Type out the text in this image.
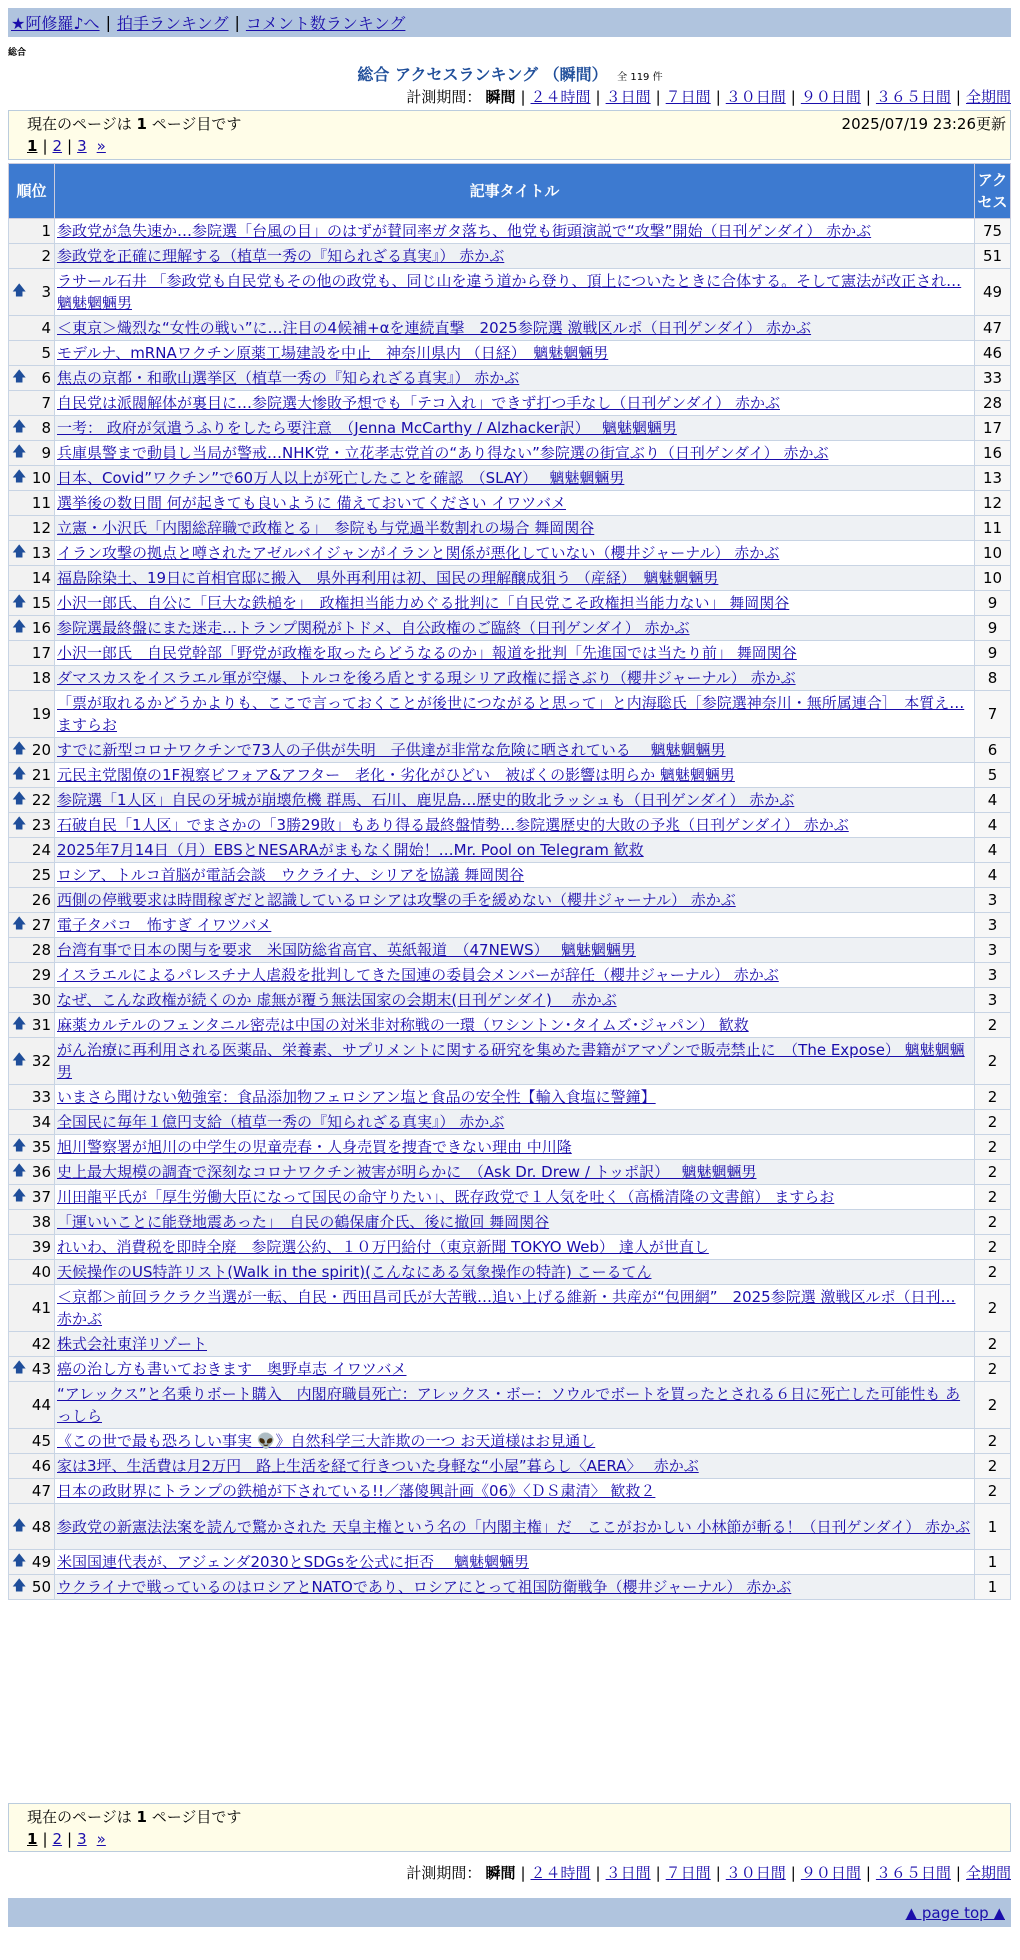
★阿修羅♪へ | 拍手ランキング | コメント数ランキング
総合
総合 アクセスランキング （瞬間） 全 119 件
計測期間： 瞬間 | ２４時間 | ３日間 | ７日間 | ３０日間 | ９０日間 | ３６５日間 | 全期間
現在のページは 1 ページ目です	2025/07/19 23:26更新
1 | 2 | 3 »
順位	記事タイトル	アクセス
1	参政党が急失速か…参院選「台風の目」のはずが賛同率ガタ落ち、他党も街頭演説で“攻撃”開始（日刊ゲンダイ） 赤かぶ	75
2	参政党を正確に理解する（植草一秀の『知られざる真実』） 赤かぶ	51

🡅 3	ラサール石井 「参政党も自民党もその他の政党も、同じ山を違う道から登り、頂上についたときに合体する。そして憲法が改正され… 魑魅魍魎男	49
4	＜東京＞熾烈な“女性の戦い”に…注目の4候補+αを連続直撃　2025参院選 激戦区ルポ（日刊ゲンダイ） 赤かぶ	47
5	モデルナ、mRNAワクチン原薬工場建設を中止　神奈川県内 （日経）　魑魅魍魎男	46

🡅 6	焦点の京都・和歌山選挙区（植草一秀の『知られざる真実』） 赤かぶ	33
7	自民党は派閥解体が裏目に…参院選大惨敗予想でも「テコ入れ」できず打つ手なし（日刊ゲンダイ） 赤かぶ	28

🡅 8	一考： 政府が気遣うふりをしたら要注意　（Jenna McCarthy / Alzhacker訳）　 魑魅魍魎男	17

🡅 9	兵庫県警まで動員し当局が警戒…NHK党・立花孝志党首の“あり得ない”参院選の街宣ぶり（日刊ゲンダイ） 赤かぶ	16

🡅 10	日本、Covid”ワクチン”で60万人以上が死亡したことを確認　（SLAY）　 魑魅魍魎男	13
11	選挙後の数日間 何が起きても良いように 備えておいてください イワツバメ	12
12	立憲・小沢氏「内閣総辞職で政権とる」　参院も与党過半数割れの場合 舞岡関谷	11

🡅 13	イラン攻撃の拠点と噂されたアゼルバイジャンがイランと関係が悪化していない（櫻井ジャーナル） 赤かぶ	10
14	福島除染土、19日に首相官邸に搬入　県外再利用は初、国民の理解醸成狙う （産経）　魑魅魍魎男	10

🡅 15	小沢一郎氏、自公に「巨大な鉄槌を」　政権担当能力めぐる批判に「自民党こそ政権担当能力ない」 舞岡関谷	9

🡅 16	参院選最終盤にまた迷走…トランプ関税がトドメ、自公政権のご臨終（日刊ゲンダイ） 赤かぶ	9
17	小沢一郎氏　自民党幹部「野党が政権を取ったらどうなるのか」報道を批判「先進国では当たり前」 舞岡関谷	9
18	ダマスカスをイスラエル軍が空爆、トルコを後ろ盾とする現シリア政権に揺さぶり（櫻井ジャーナル） 赤かぶ	8
19	「票が取れるかどうかよりも、ここで言っておくことが後世につながると思って」と内海聡氏［参院選神奈川・無所属連合］　本質え… ますらお	7

🡅 20	すでに新型コロナワクチンで73人の子供が失明　子供達が非常な危険に晒されている　 魑魅魍魎男	6

🡅 21	元民主党閣僚の1F視察ビフォア&アフター　老化・劣化がひどい　被ばくの影響は明らか 魑魅魍魎男	5

🡅 22	参院選「1人区」自民の牙城が崩壊危機 群馬、石川、鹿児島…歴史的敗北ラッシュも（日刊ゲンダイ） 赤かぶ	4

🡅 23	石破自民「1人区」でまさかの「3勝29敗」もあり得る最終盤情勢…参院選歴史的大敗の予兆（日刊ゲンダイ） 赤かぶ	4
24	2025年7月14日（月）EBSとNESARAがまもなく開始！…Mr. Pool on Telegram 歓救	4
25	ロシア、トルコ首脳が電話会談　ウクライナ、シリアを協議 舞岡関谷	4
26	西側の停戦要求は時間稼ぎだと認識しているロシアは攻撃の手を緩めない（櫻井ジャーナル） 赤かぶ	3

🡅 27	電子タバコ　怖すぎ イワツバメ	3
28	台湾有事で日本の関与を要求　米国防総省高官、英紙報道　（47NEWS）　 魑魅魍魎男	3
29	イスラエルによるパレスチナ人虐殺を批判してきた国連の委員会メンバーが辞任（櫻井ジャーナル） 赤かぶ	3
30	なぜ、こんな政権が続くのか 虚無が覆う無法国家の会期末(日刊ゲンダイ)　 赤かぶ	3

🡅 31	麻薬カルテルのフェンタニル密売は中国の対米非対称戦の一環（ワシントン･タイムズ･ジャパン） 歓救	2

🡅 32	がん治療に再利用される医薬品、栄養素、サプリメントに関する研究を集めた書籍がアマゾンで販売禁止に　（The Expose） 魑魅魍魎男	2
33	いまさら聞けない勉強室：食品添加物フェロシアン塩と食品の安全性【輸入食塩に警鐘】	2
34	全国民に毎年１億円支給（植草一秀の『知られざる真実』） 赤かぶ	2

🡅 35	旭川警察署が旭川の中学生の児童売春・人身売買を捜査できない理由 中川隆	2

🡅 36	史上最大規模の調査で深刻なコロナワクチン被害が明らかに　（Ask Dr. Drew / トッポ訳）　 魑魅魍魎男	2

🡅 37	川田龍平氏が「厚生労働大臣になって国民の命守りたい」、既存政党で１人気を吐く（高橋清隆の文書館） ますらお	2
38	「運いいことに能登地震あった」　自民の鶴保庸介氏、後に撤回 舞岡関谷	2
39	れいわ、消費税を即時全廃　参院選公約、１０万円給付（東京新聞 TOKYO Web） 達人が世直し	2
40	天候操作のUS特許リスト(Walk in the spirit)(こんなにある気象操作の特許) こーるてん	2
41	＜京都＞前回ラクラク当選が一転、自民・西田昌司氏が大苦戦…追い上げる維新・共産が“包囲網”　2025参院選 激戦区ルポ（日刊… 赤かぶ	2
42	株式会社東洋リゾート	2

🡅 43	癌の治し方も書いておきます　奥野卓志 イワツバメ	2
44	“アレックス”と名乗りボート購入　内閣府職員死亡：アレックス・ボー：ソウルでボートを買ったとされる６日に死亡した可能性も あっしら	2
45	《この世で最も恐ろしい事実 👽》自然科学三大詐欺の一つ お天道様はお見通し	2
46	家は3坪、生活費は月2万円　路上生活を経て行きついた身軽な“小屋”暮らし〈AERA〉　 赤かぶ	2
47	日本の政財界にトランプの鉄槌が下されている!!／藩傻興計画《06》〈ＤＳ粛清〉 歓救２	2

🡅 48	参政党の新憲法法案を読んで驚かされた 天皇主権という名の「内閣主権」だ　ここがおかしい 小林節が斬る！（日刊ゲンダイ） 赤かぶ	1

🡅 49	米国国連代表が、アジェンダ2030とSDGsを公式に拒否　 魑魅魍魎男	1

🡅 50	ウクライナで戦っているのはロシアとNATOであり、ロシアにとって祖国防衛戦争（櫻井ジャーナル） 赤かぶ	1
現在のページは 1 ページ目です
1 | 2 | 3 »
計測期間： 瞬間 | ２４時間 | ３日間 | ７日間 | ３０日間 | ９０日間 | ３６５日間 | 全期間
▲ page top ▲
